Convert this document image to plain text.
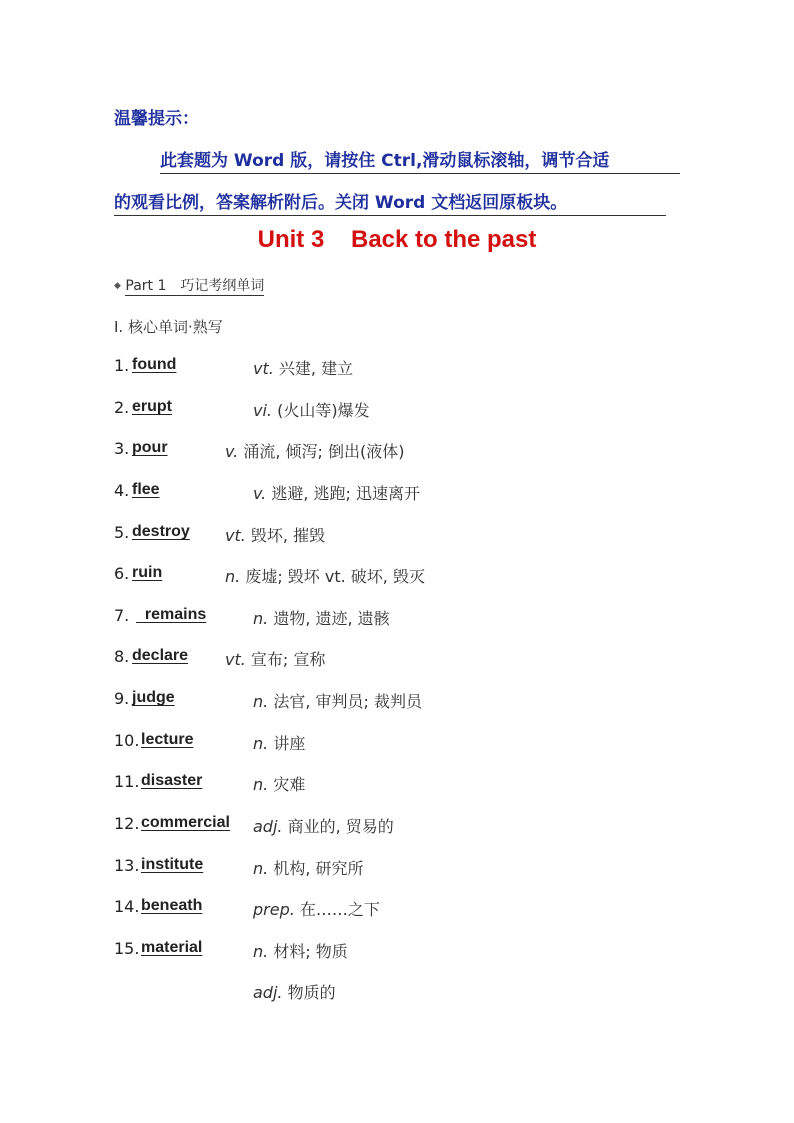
温馨提示：
此套题为 Word 版，请按住 Ctrl,滑动鼠标滚轴，调节合适
的观看比例，答案解析附后。关闭 Word 文档返回原板块。
Unit 3    Back to the past
◆ Part 1　巧记考纲单词
Ⅰ. 核心单词·熟写
1. found	vt. 兴建, 建立
2. erupt	vi. (火山等)爆发
3. pour	v. 涌流, 倾泻; 倒出(液体)
4. flee	v. 逃避, 逃跑; 迅速离开
5. destroy vt. 毁坏, 摧毁
6. ruin	n. 废墟; 毁坏 vt. 破坏, 毁灭
7. remains	n. 遗物, 遗迹, 遗骸
8. declare vt. 宣布; 宣称
9. judge	n. 法官, 审判员; 裁判员
10. lecture	n. 讲座
11. disaster	n. 灾难
12. commercial adj. 商业的, 贸易的
13. institute	n. 机构, 研究所
14. beneath	prep. 在……之下
15. material	n. 材料; 物质
adj. 物质的
